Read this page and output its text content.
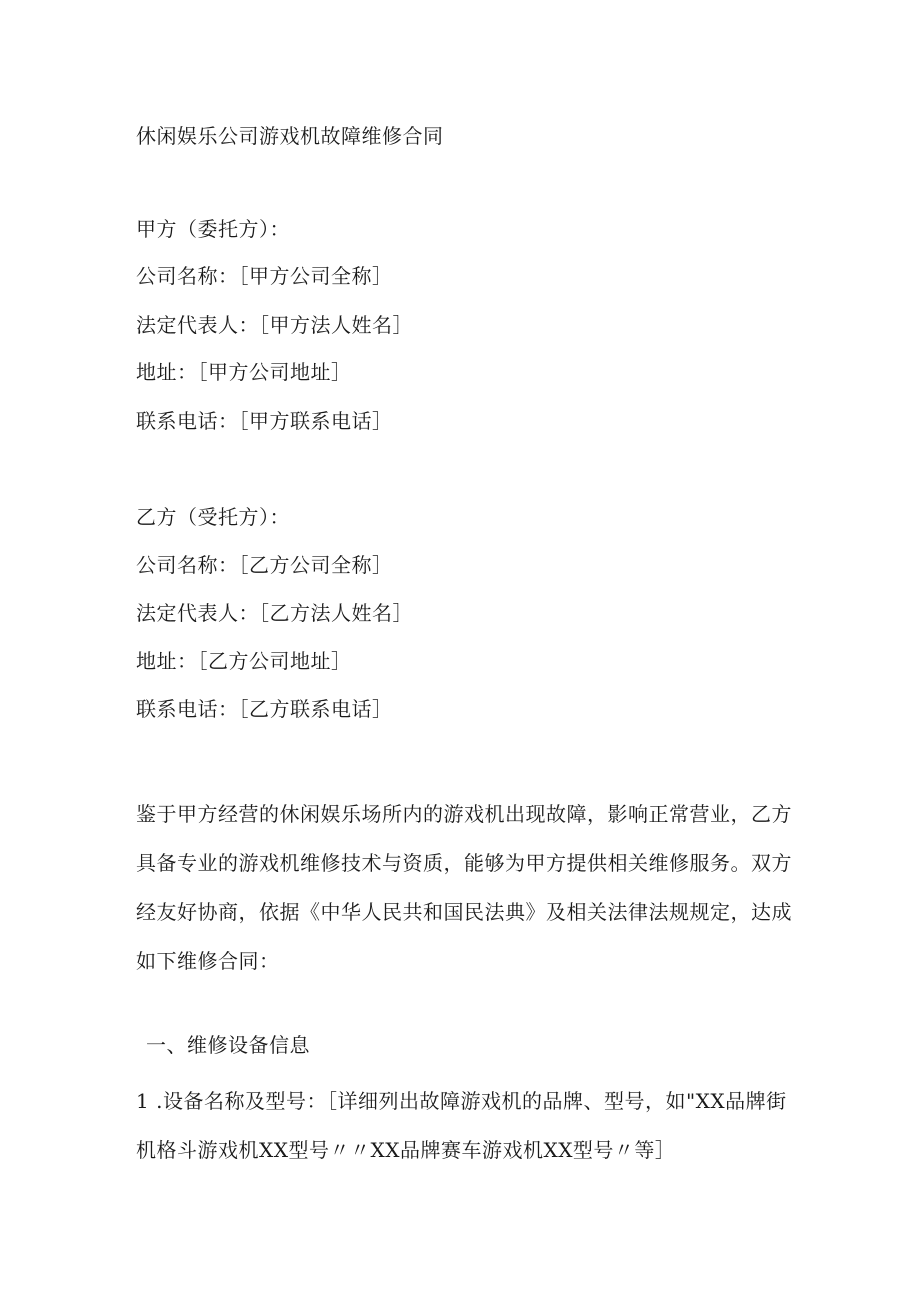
休闲娱乐公司游戏机故障维修合同
甲方（委托方）：
公司名称：［甲方公司全称］
法定代表人：［甲方法人姓名］
地址：［甲方公司地址］
联系电话：［甲方联系电话］
乙方（受托方）：
公司名称：［乙方公司全称］
法定代表人：［乙方法人姓名］
地址：［乙方公司地址］
联系电话：［乙方联系电话］
鉴于甲方经营的休闲娱乐场所内的游戏机出现故障，影响正常营业，乙方
具备专业的游戏机维修技术与资质，能够为甲方提供相关维修服务。双方
经友好协商，依据《中华人民共和国民法典》及相关法律法规规定，达成
如下维修合同：
一、维修设备信息
1 .设备名称及型号：［详细列出故障游戏机的品牌、型号，如"XX品牌街
机格斗游戏机XX型号〃〃XX品牌赛车游戏机XX型号〃等］
